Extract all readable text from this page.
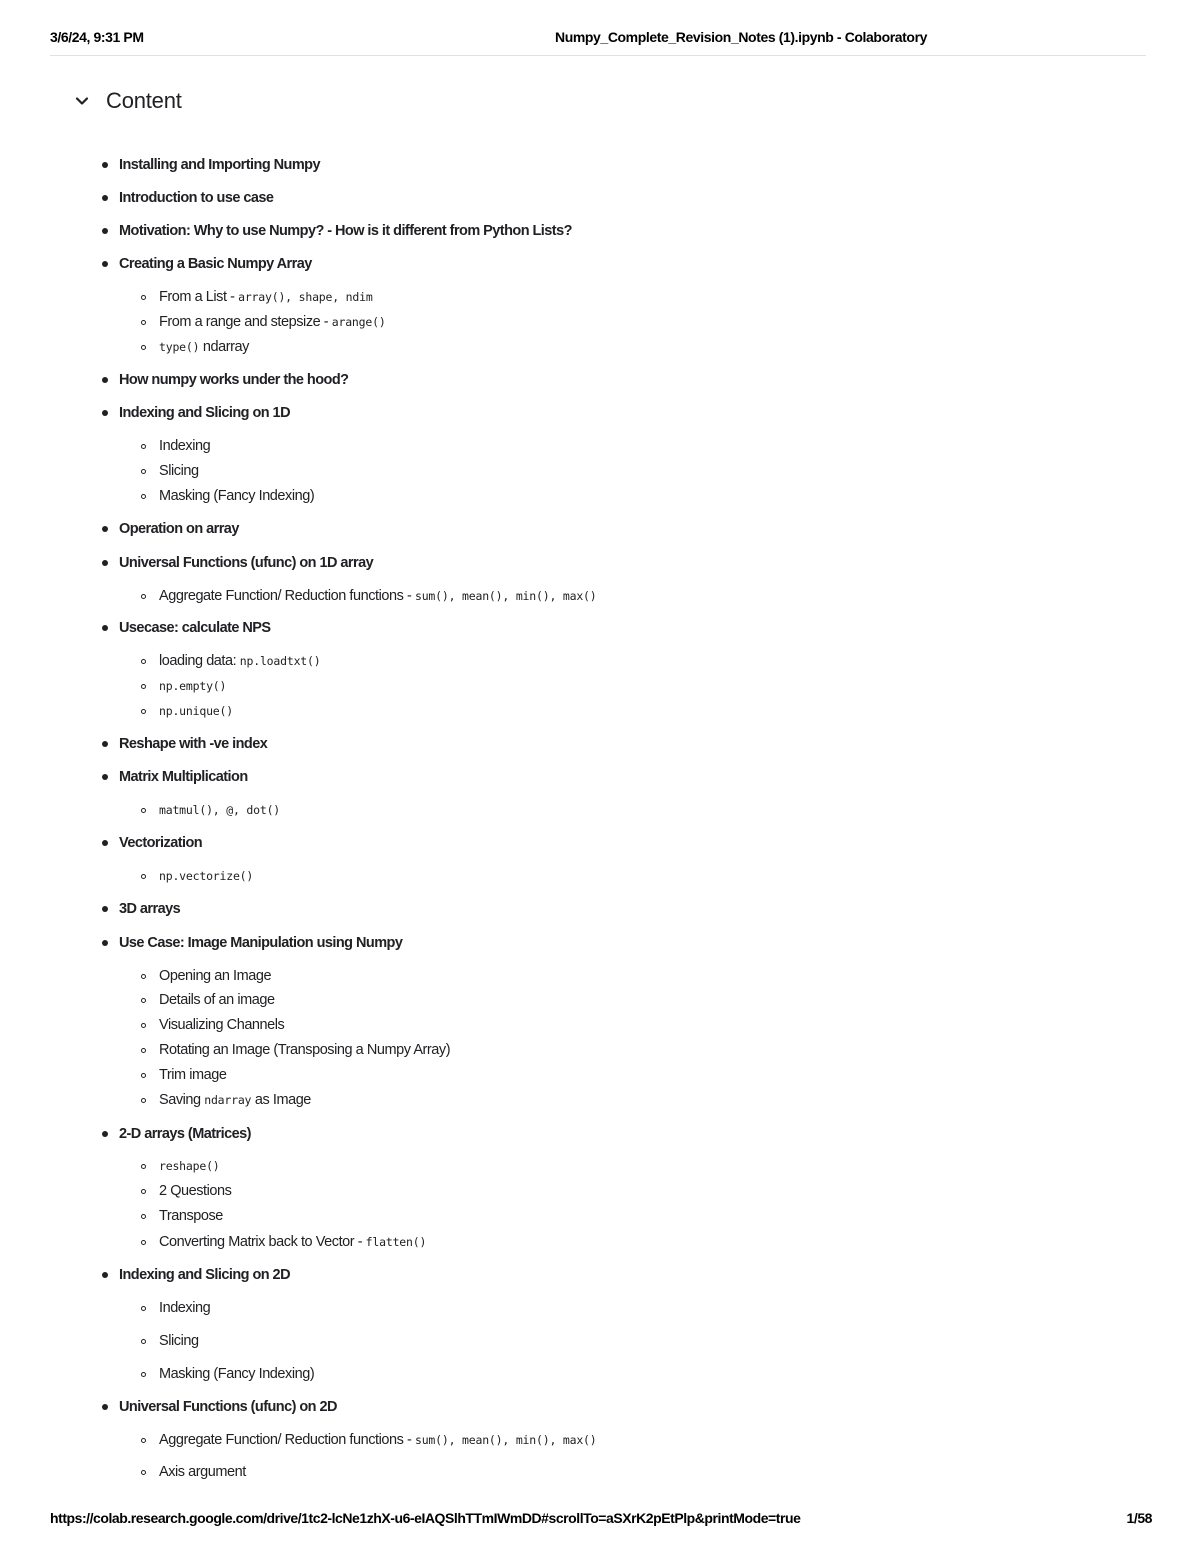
3/6/24, 9:31 PM	Numpy_Complete_Revision_Notes (1).ipynb - Colaboratory
Content
Installing and Importing Numpy
Introduction to use case
Motivation: Why to use Numpy? - How is it different from Python Lists?
Creating a Basic Numpy Array
From a List - array(), shape, ndim
From a range and stepsize - arange()
type() ndarray
How numpy works under the hood?
Indexing and Slicing on 1D
Indexing
Slicing
Masking (Fancy Indexing)
Operation on array
Universal Functions (ufunc) on 1D array
Aggregate Function/ Reduction functions - sum(), mean(), min(), max()
Usecase: calculate NPS
loading data: np.loadtxt()
np.empty()
np.unique()
Reshape with -ve index
Matrix Multiplication
matmul(), @, dot()
Vectorization
np.vectorize()
3D arrays
Use Case: Image Manipulation using Numpy
Opening an Image
Details of an image
Visualizing Channels
Rotating an Image (Transposing a Numpy Array)
Trim image
Saving ndarray as Image
2-D arrays (Matrices)
reshape()
2 Questions
Transpose
Converting Matrix back to Vector - flatten()
Indexing and Slicing on 2D
Indexing
Slicing
Masking (Fancy Indexing)
Universal Functions (ufunc) on 2D
Aggregate Function/ Reduction functions - sum(), mean(), min(), max()
Axis argument
https://colab.research.google.com/drive/1tc2-lcNe1zhX-u6-eIAQSlhTTmIWmDD#scrollTo=aSXrK2pEtPlp&printMode=true	1/58
